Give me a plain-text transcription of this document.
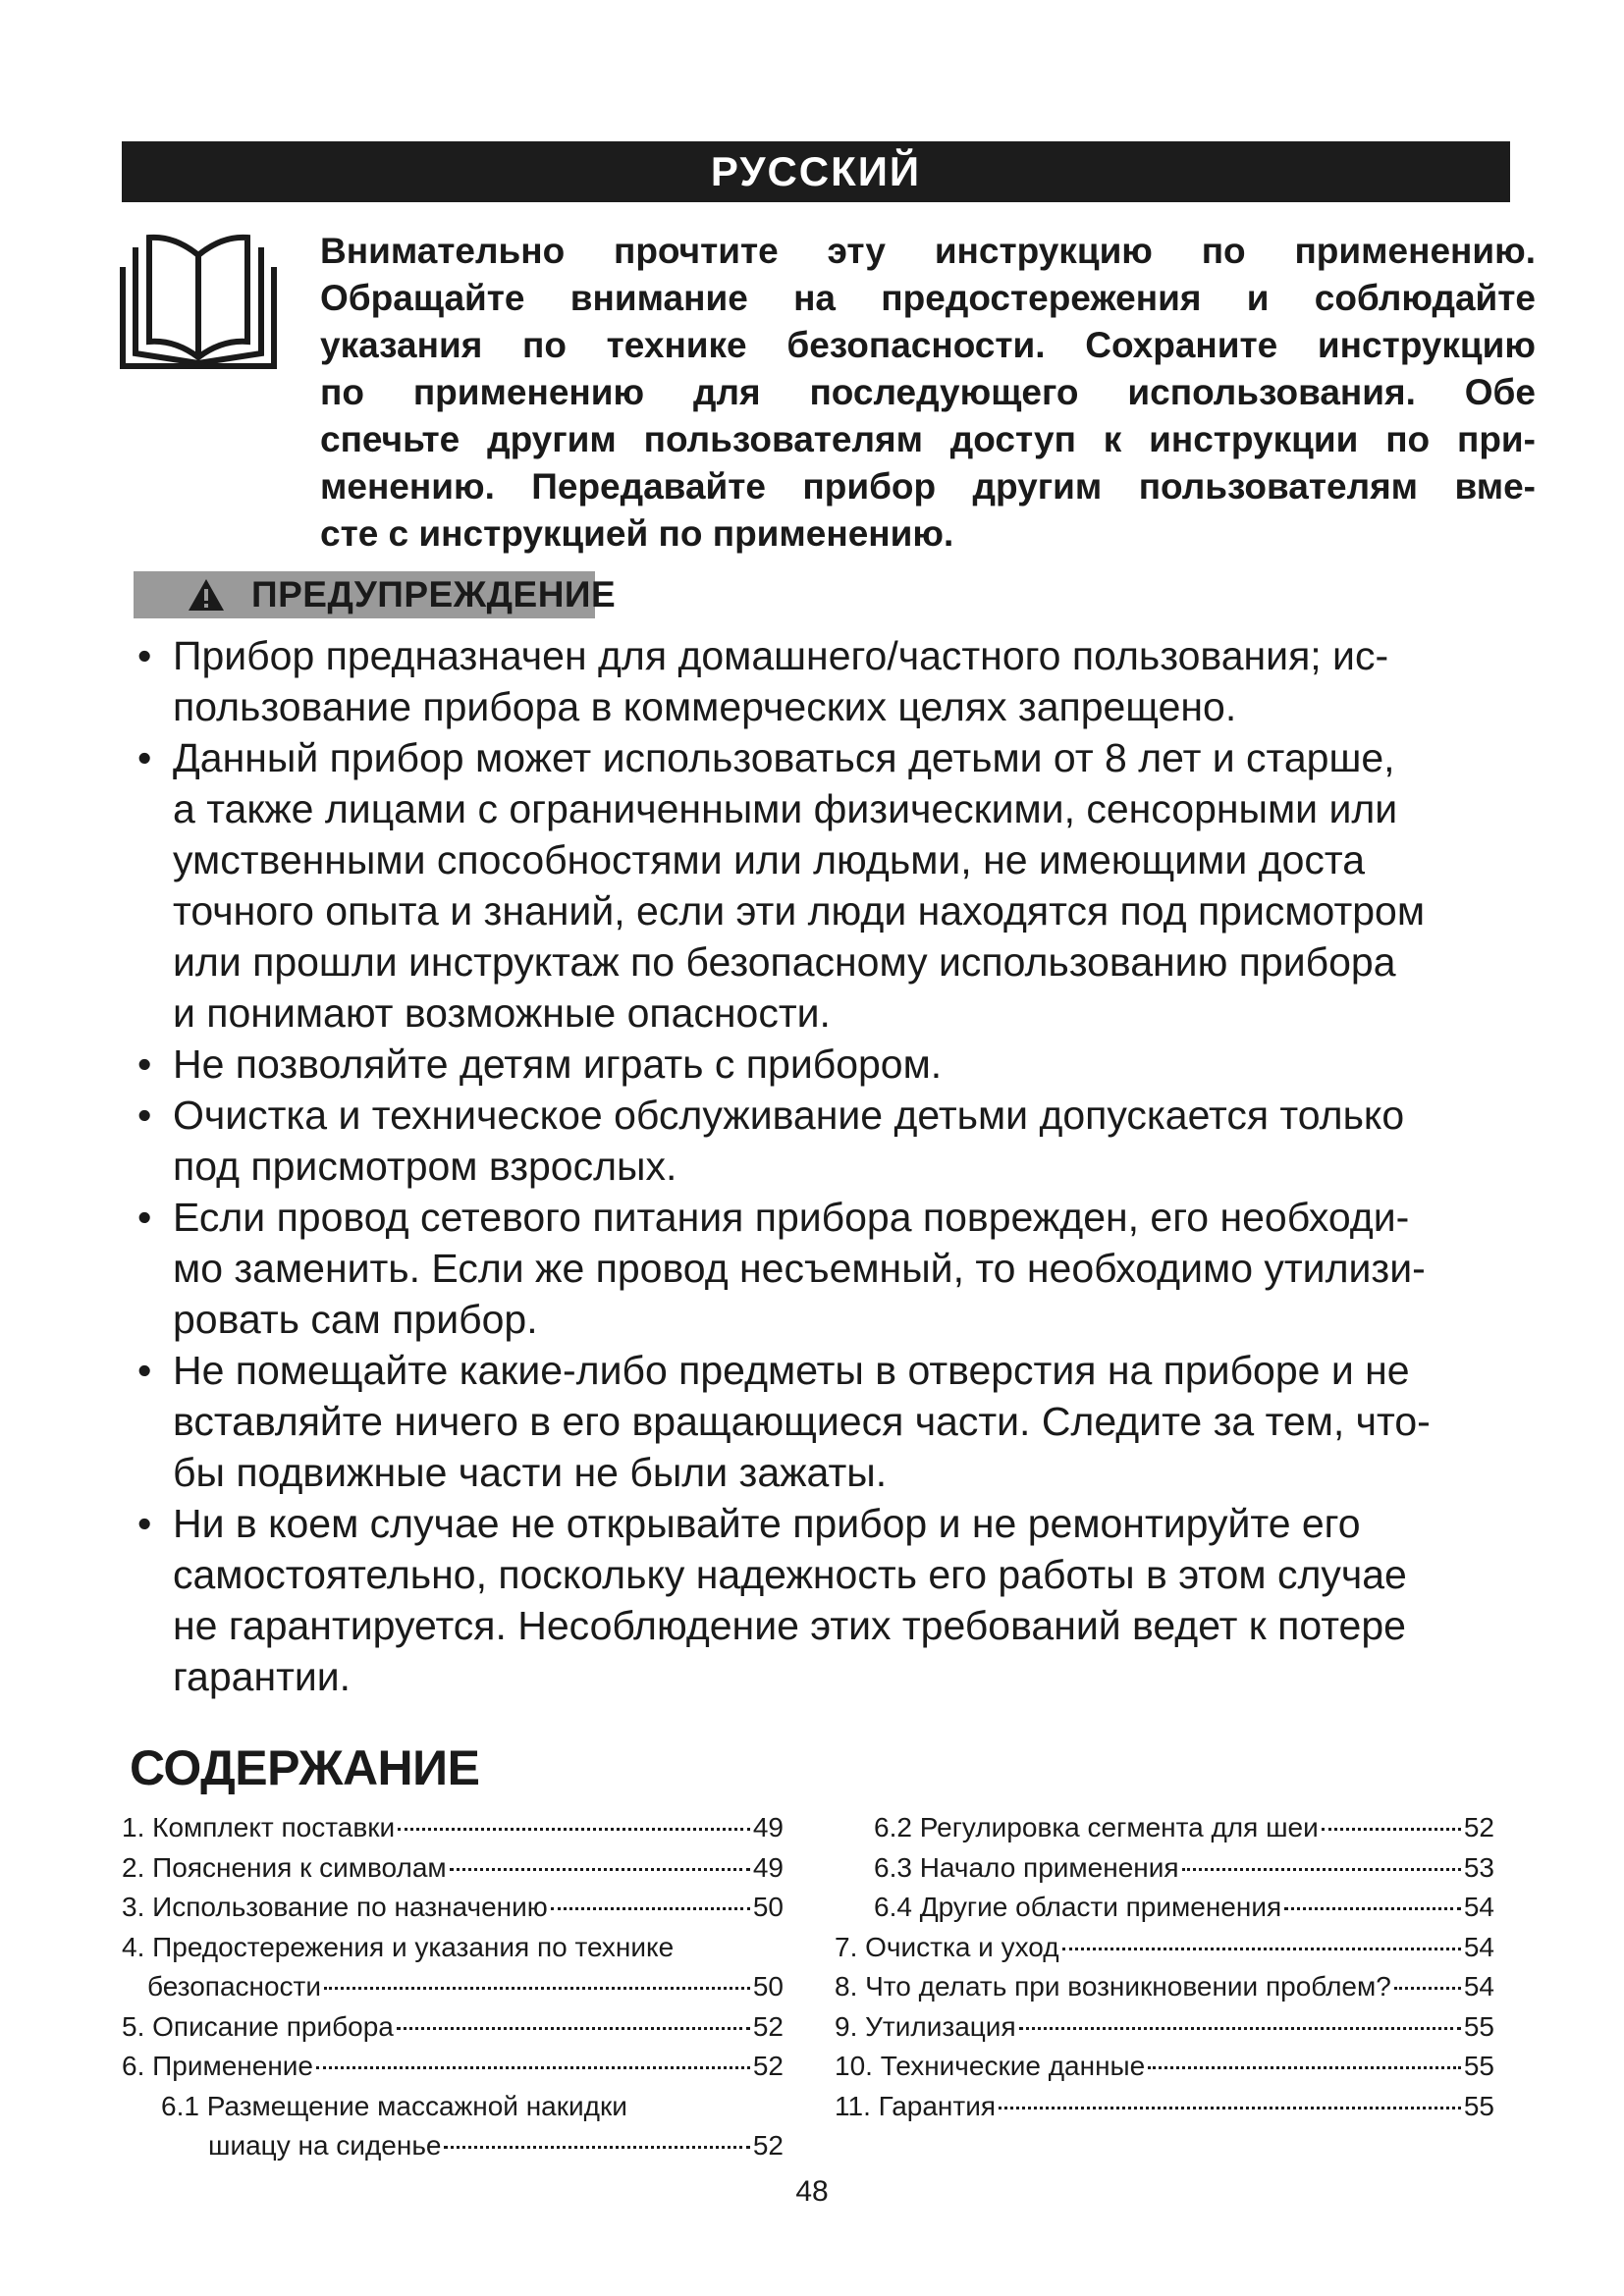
РУССКИЙ
Внимательно прочтите эту инструкцию по применению.
Обращайте внимание на предостережения и соблюдайте
указания по технике безопасности. Сохраните инструкцию
по применению для последующего использования. Обе
спечьте другим пользователям доступ к инструкции по при-
менению. Передавайте прибор другим пользователям вме-
сте с инструкцией по применению.
ПРЕДУПРЕЖДЕНИЕ
• Прибор предназначен для домашнего/частного пользования; ис-
пользование прибора в коммерческих целях запрещено.
• Данный прибор может использоваться детьми от 8 лет и старше,
а также лицами с ограниченными физическими, сенсорными или
умственными способностями или людьми, не имеющими доста
точного опыта и знаний, если эти люди находятся под присмотром
или прошли инструктаж по безопасному использованию прибора
и понимают возможные опасности.
• Не позволяйте детям играть с прибором.
• Очистка и техническое обслуживание детьми допускается только
под присмотром взрослых.
• Если провод сетевого питания прибора поврежден, его необходи-
мо заменить. Если же провод несъемный, то необходимо утилизи-
ровать сам прибор.
• Не помещайте какие-либо предметы в отверстия на приборе и не
вставляйте ничего в его вращающиеся части. Следите за тем, что-
бы подвижные части не были зажаты.
• Ни в коем случае не открывайте прибор и не ремонтируйте его
самостоятельно, поскольку надежность его работы в этом случае
не гарантируется. Несоблюдение этих требований ведет к потере
гарантии.
СОДЕРЖАНИЕ
1. Комплект поставки	49
2. Пояснения к символам	49
3. Использование по назначению	50
4. Предостережения и указания по технике
безопасности	50
5. Описание прибора	52
6. Применение	52
6.1 Размещение массажной накидки
шиацу на сиденье	52
6.2 Регулировка сегмента для шеи	52
6.3 Начало применения	53
6.4 Другие области применения	54
7. Очистка и уход	54
8. Что делать при возникновении проблем?	54
9. Утилизация	55
10. Технические данные	55
11. Гарантия	55
48
